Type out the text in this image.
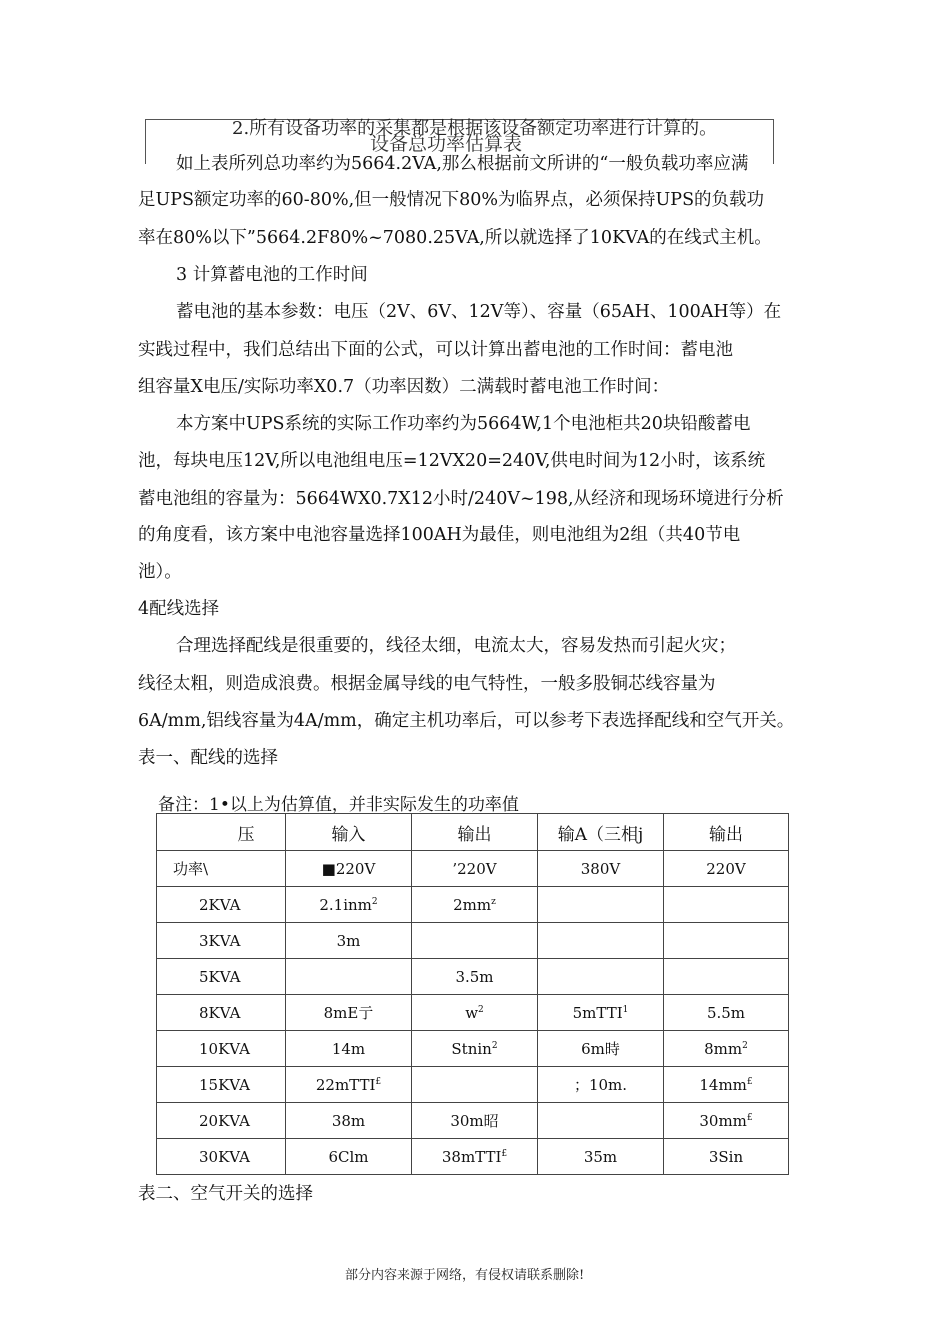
设备总功率估算表
2.所有设备功率的采集都是根据该设备额定功率进行计算的。
如上表所列总功率约为5664.2VA,那么根据前文所讲的“一般负载功率应满
足UPS额定功率的60-80%,但一般情况下80%为临界点，必须保持UPS的负载功
率在80%以下”5664.2F80%~7080.25VA,所以就选择了10KVA的在线式主机。
3 计算蓄电池的工作时间
蓄电池的基本参数：电压（2V、6V、12V等）、容量（65AH、100AH等）在
实践过程中，我们总结出下面的公式，可以计算出蓄电池的工作时间：蓄电池
组容量X电压/实际功率X0.7（功率因数）二满载时蓄电池工作时间：
本方案中UPS系统的实际工作功率约为5664W,1个电池柜共20块铅酸蓄电
池，每块电压12V,所以电池组电压=12VX20=240V,供电时间为12小时，该系统
蓄电池组的容量为：5664WX0.7X12小时/240V~198,从经济和现场环境进行分析
的角度看，该方案中电池容量选择100AH为最佳，则电池组为2组（共40节电
池）。
4配线选择
合理选择配线是很重要的，线径太细，电流太大，容易发热而引起火灾；
线径太粗，则造成浪费。根据金属导线的电气特性，一般多股铜芯线容量为
6A/mm,铝线容量为4A/mm，确定主机功率后，可以参考下表选择配线和空气开关。
表一、配线的选择
备注：1•以上为估算值，并非实际发生的功率值
压	输入	输出	输A（三相j	输出
功率\	■220V	’220V	380V	220V
2KVA	2.1inm$^2$	$2mm^z$		
3KVA	3m			
5KVA		3.5m		
8KVA	8mE亍	$w^2$	5mTTI$^1$	5.5m
10KVA	14m	Stnin$^2$	6m時	$8mm^2$
15KVA	22mTTI£		；10m.	14mm£
20KVA	38m	30m昭		30mm£
30KVA	6Clm	38mTTI£	35m	3Sin
表二、空气开关的选择
部分内容来源于网络，有侵权请联系删除!
